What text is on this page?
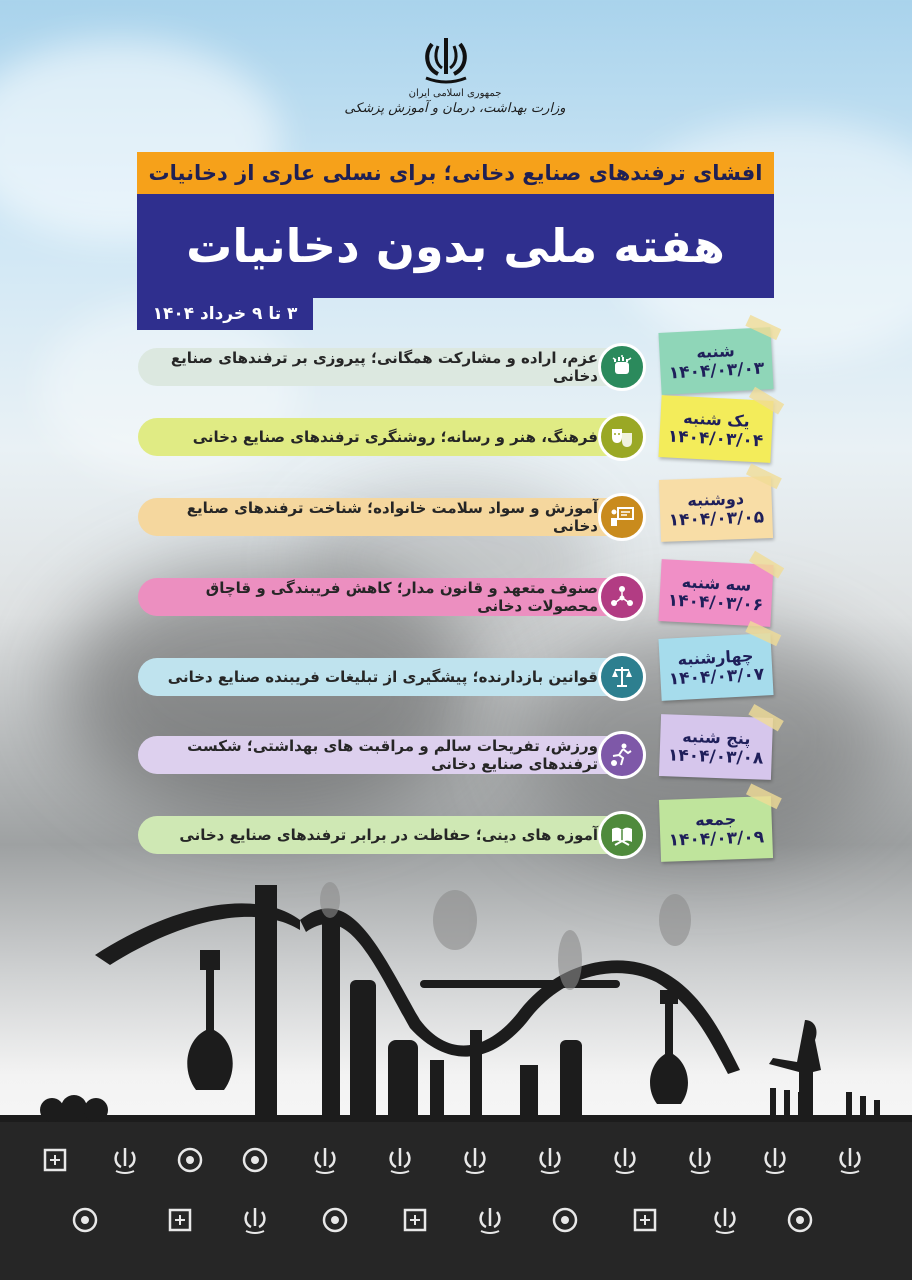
جمهوری اسلامی ایران
وزارت بهداشت، درمان و آموزش پزشکی
افشای ترفندهای صنایع دخانی؛ برای نسلی عاری از دخانیات
هفته ملی بدون دخانیات
۳ تا ۹ خرداد ۱۴۰۴
عزم، اراده و مشارکت همگانی؛ پیروزی بر ترفندهای صنایع دخانی
شنبه
۱۴۰۴/۰۳/۰۳
فرهنگ، هنر و رسانه؛ روشنگری ترفندهای صنایع دخانی
یک شنبه
۱۴۰۴/۰۳/۰۴
آموزش و سواد سلامت خانواده؛ شناخت ترفندهای صنایع دخانی
دوشنبه
۱۴۰۴/۰۳/۰۵
صنوف متعهد و قانون مدار؛ کاهش فریبندگی و قاچاق محصولات دخانی
سه شنبه
۱۴۰۴/۰۳/۰۶
قوانین بازدارنده؛ پیشگیری از تبلیغات فریبنده صنایع دخانی
چهارشنبه
۱۴۰۴/۰۳/۰۷
ورزش، تفریحات سالم و مراقبت های بهداشتی؛ شکست ترفندهای صنایع دخانی
پنج شنبه
۱۴۰۴/۰۳/۰۸
آموزه های دینی؛ حفاظت در برابر ترفندهای صنایع دخانی
جمعه
۱۴۰۴/۰۳/۰۹
